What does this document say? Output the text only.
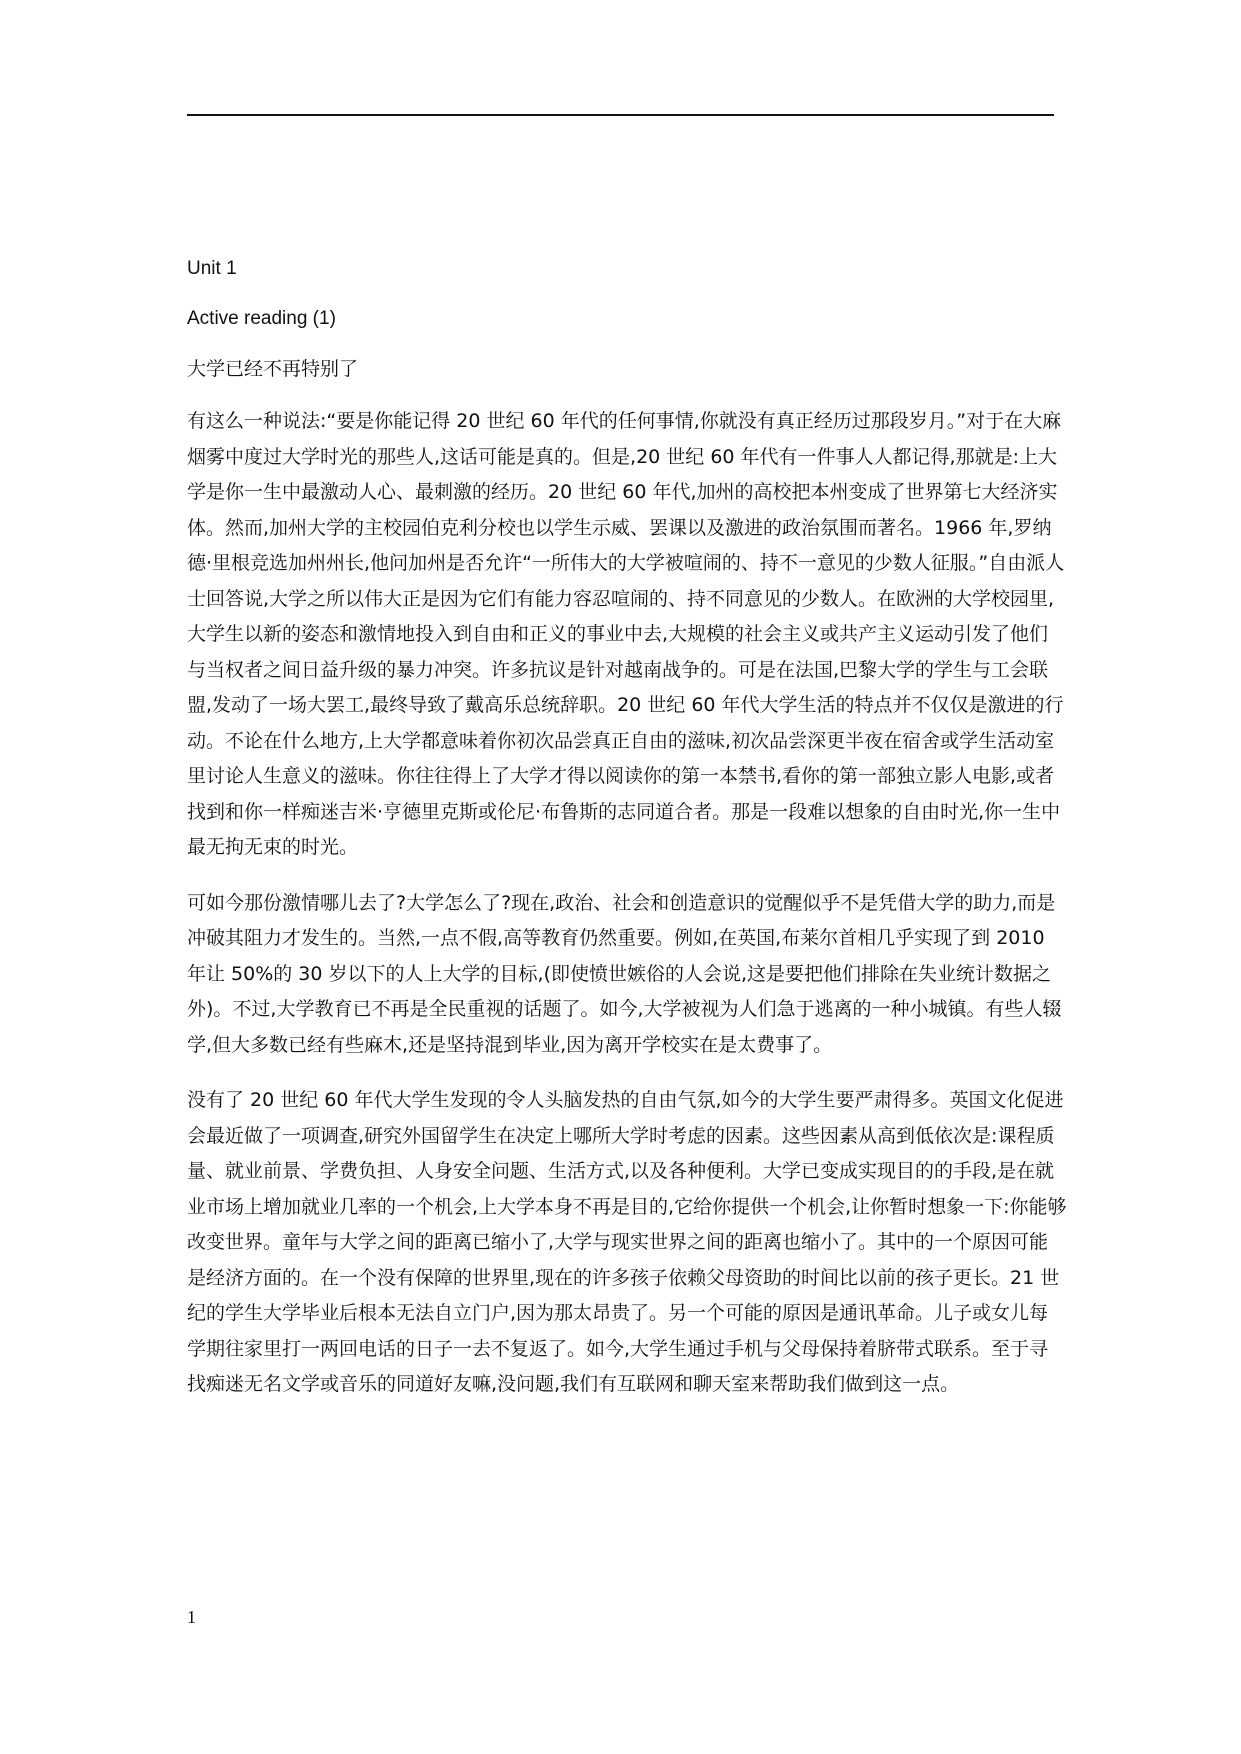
Unit 1
Active reading (1)
大学已经不再特别了

有这么一种说法:“要是你能记得 20 世纪 60 年代的任何事情,你就没有真正经历过那段岁月。”对于在大麻烟雾中度过大学时光的那些人,这话可能是真的。但是,20 世纪 60 年代有一件事人人都记得,那就是:上大学是你一生中最激动人心、最刺激的经历。20 世纪 60 年代,加州的高校把本州变成了世界第七大经济实体。然而,加州大学的主校园伯克利分校也以学生示威、罢课以及激进的政治氛围而著名。1966 年,罗纳德·里根竞选加州州长,他问加州是否允许“一所伟大的大学被喧闹的、持不一意见的少数人征服。”自由派人士回答说,大学之所以伟大正是因为它们有能力容忍喧闹的、持不同意见的少数人。在欧洲的大学校园里,大学生以新的姿态和激情地投入到自由和正义的事业中去,大规模的社会主义或共产主义运动引发了他们与当权者之间日益升级的暴力冲突。许多抗议是针对越南战争的。可是在法国,巴黎大学的学生与工会联盟,发动了一场大罢工,最终导致了戴高乐总统辞职。20 世纪 60 年代大学生活的特点并不仅仅是激进的行动。不论在什么地方,上大学都意味着你初次品尝真正自由的滋味,初次品尝深更半夜在宿舍或学生活动室里讨论人生意义的滋味。你往往得上了大学才得以阅读你的第一本禁书,看你的第一部独立影人电影,或者找到和你一样痴迷吉米·亨德里克斯或伦尼·布鲁斯的志同道合者。那是一段难以想象的自由时光,你一生中最无拘无束的时光。

可如今那份激情哪儿去了?大学怎么了?现在,政治、社会和创造意识的觉醒似乎不是凭借大学的助力,而是冲破其阻力才发生的。当然,一点不假,高等教育仍然重要。例如,在英国,布莱尔首相几乎实现了到 2010 年让 50%的 30 岁以下的人上大学的目标,(即使愤世嫉俗的人会说,这是要把他们排除在失业统计数据之外)。不过,大学教育已不再是全民重视的话题了。如今,大学被视为人们急于逃离的一种小城镇。有些人辍学,但大多数已经有些麻木,还是坚持混到毕业,因为离开学校实在是太费事了。

没有了 20 世纪 60 年代大学生发现的令人头脑发热的自由气氛,如今的大学生要严肃得多。英国文化促进会最近做了一项调查,研究外国留学生在决定上哪所大学时考虑的因素。这些因素从高到低依次是:课程质量、就业前景、学费负担、人身安全问题、生活方式,以及各种便利。大学已变成实现目的的手段,是在就业市场上增加就业几率的一个机会,上大学本身不再是目的,它给你提供一个机会,让你暂时想象一下:你能够改变世界。童年与大学之间的距离已缩小了,大学与现实世界之间的距离也缩小了。其中的一个原因可能是经济方面的。在一个没有保障的世界里,现在的许多孩子依赖父母资助的时间比以前的孩子更长。21 世纪的学生大学毕业后根本无法自立门户,因为那太昂贵了。另一个可能的原因是通讯革命。儿子或女儿每学期往家里打一两回电话的日子一去不复返了。如今,大学生通过手机与父母保持着脐带式联系。至于寻找痴迷无名文学或音乐的同道好友嘛,没问题,我们有互联网和聊天室来帮助我们做到这一点。

1
